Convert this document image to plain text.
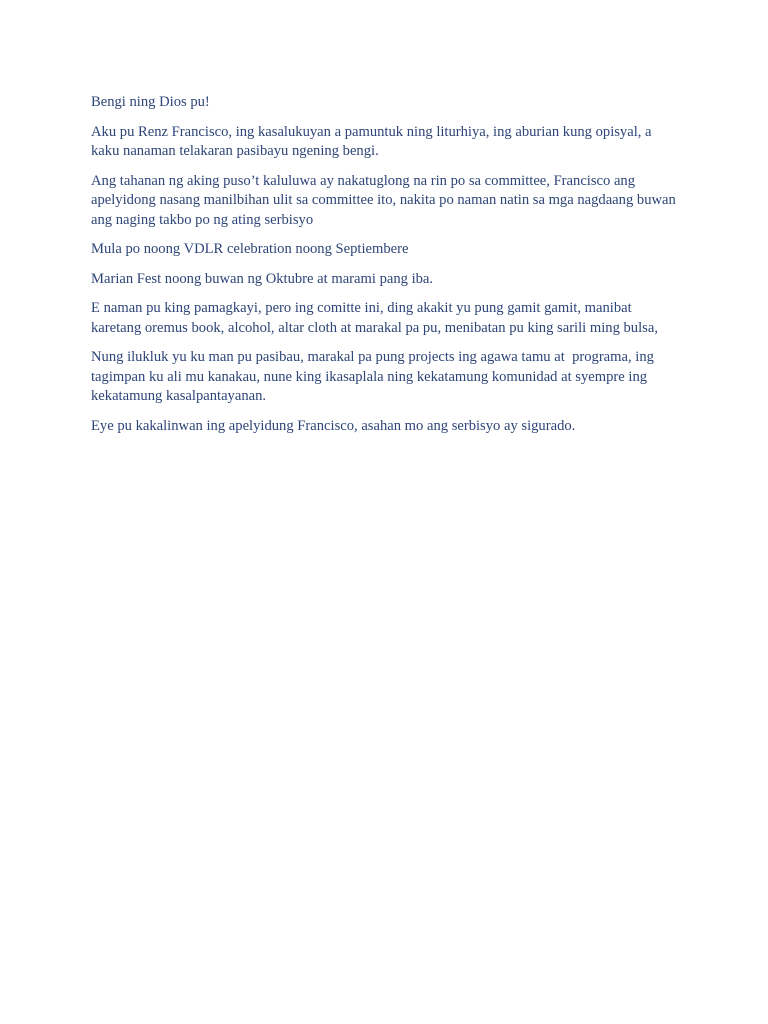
Bengi ning Dios pu!

Aku pu Renz Francisco, ing kasalukuyan a pamuntuk ning liturhiya, ing aburian kung opisyal, a kaku nanaman telakaran pasibayu ngening bengi.

Ang tahanan ng aking puso’t kaluluwa ay nakatuglong na rin po sa committee, Francisco ang apelyidong nasang manilbihan ulit sa committee ito, nakita po naman natin sa mga nagdaang buwan ang naging takbo po ng ating serbisyo

Mula po noong VDLR celebration noong Septiembere

Marian Fest noong buwan ng Oktubre at marami pang iba.

E naman pu king pamagkayi, pero ing comitte ini, ding akakit yu pung gamit gamit, manibat karetang oremus book, alcohol, altar cloth at marakal pa pu, menibatan pu king sarili ming bulsa,

Nung ilukluk yu ku man pu pasibau, marakal pa pung projects ing agawa tamu at  programa, ing tagimpan ku ali mu kanakau, nune king ikasaplala ning kekatamung komunidad at syempre ing kekatamung kasalpantayanan.

Eye pu kakalinwan ing apelyidung Francisco, asahan mo ang serbisyo ay sigurado.
